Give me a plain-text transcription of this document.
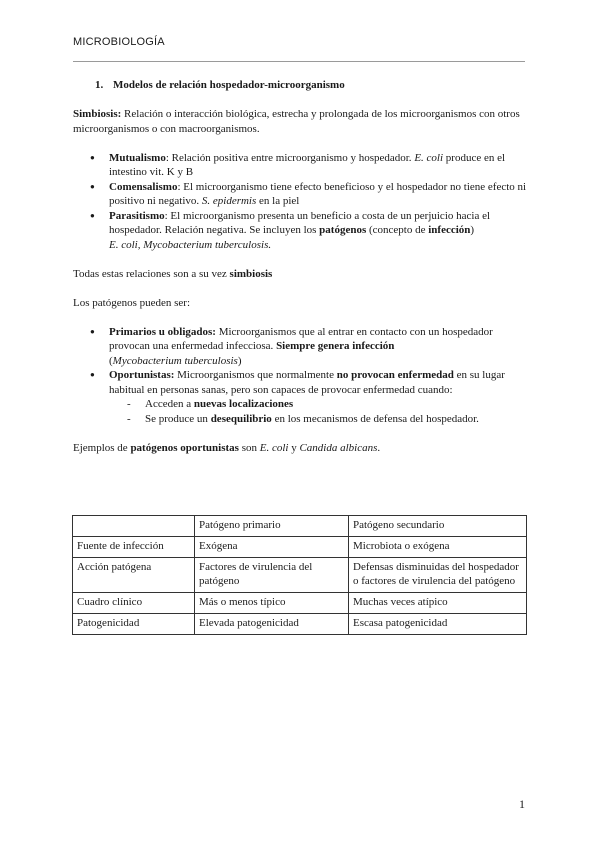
MICROBIOLOGÍA

1. Modelos de relación hospedador-microorganismo

Simbiosis: Relación o interacción biológica, estrecha y prolongada de los microorganismos con otros microorganismos o con macroorganismos.

● Mutualismo: Relación positiva entre microorganismo y hospedador. E. coli produce en el intestino vit. K y B
● Comensalismo: El microorganismo tiene efecto beneficioso y el hospedador no tiene efecto ni positivo ni negativo. S. epidermis en la piel
● Parasitismo: El microorganismo presenta un beneficio a costa de un perjuicio hacia el hospedador. Relación negativa. Se incluyen los patógenos (concepto de infección)
E. coli, Mycobacterium tuberculosis.

Todas estas relaciones son a su vez simbiosis

Los patógenos pueden ser:

● Primarios u obligados: Microorganismos que al entrar en contacto con un hospedador provocan una enfermedad infecciosa. Siempre genera infección
(Mycobacterium tuberculosis)
● Oportunistas: Microorganismos que normalmente no provocan enfermedad en su lugar habitual en personas sanas, pero son capaces de provocar enfermedad cuando:
- Acceden a nuevas localizaciones
- Se produce un desequilibrio en los mecanismos de defensa del hospedador.

Ejemplos de patógenos oportunistas son E. coli y Candida albicans.

	Patógeno primario	Patógeno secundario
Fuente de infección	Exógena	Microbiota o exógena
Acción patógena	Factores de virulencia del patógeno	Defensas disminuidas del hospedador o factores de virulencia del patógeno
Cuadro clínico	Más o menos típico	Muchas veces atípico
Patogenicidad	Elevada patogenicidad	Escasa patogenicidad
1
